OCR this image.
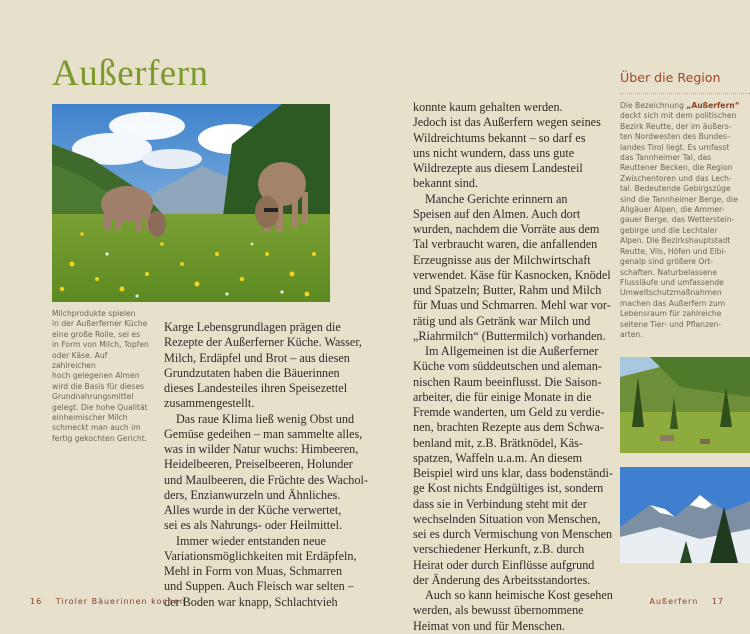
Außerfern
Milchprodukte spielen
in der Außerferner Küche
eine große Rolle, sei es
in Form von Milch, Topfen
oder Käse. Auf zahlreichen
hoch gelegenen Almen
wird die Basis für dieses
Grundnahrungsmittel
gelegt. Die hohe Qualität
einheimischer Milch
schmeckt man auch im
fertig gekochten Gericht.
Karge Lebensgrundlagen prägen die
Rezepte der Außerferner Küche. Wasser,
Milch, Erdäpfel und Brot – aus diesen
Grundzutaten haben die Bäuerinnen
dieses Landesteiles ihren Speisezettel
zusammengestellt.
Das raue Klima ließ wenig Obst und
Gemüse gedeihen – man sammelte alles,
was in wilder Natur wuchs: Himbeeren,
Heidelbeeren, Preiselbeeren, Holunder
und Maulbeeren, die Früchte des Wachol-
ders, Enzianwurzeln und Ähnliches.
Alles wurde in der Küche verwertet,
sei es als Nahrungs- oder Heilmittel.
Immer wieder entstanden neue
Variationsmöglichkeiten mit Erdäpfeln,
Mehl in Form von Muas, Schmarren
und Suppen. Auch Fleisch war selten –
der Boden war knapp, Schlachtvieh
konnte kaum gehalten werden.
Jedoch ist das Außerfern wegen seines
Wildreichtums bekannt – so darf es
uns nicht wundern, dass uns gute
Wildrezepte aus diesem Landesteil
bekannt sind.
Manche Gerichte erinnern an
Speisen auf den Almen. Auch dort
wurden, nachdem die Vorräte aus dem
Tal verbraucht waren, die anfallenden
Erzeugnisse aus der Milchwirtschaft
verwendet. Käse für Kasnocken, Knödel
und Spatzeln; Butter, Rahm und Milch
für Muas und Schmarren. Mehl war vor-
rätig und als Getränk war Milch und
„Riahrmilch“ (Buttermilch) vorhanden.
Im Allgemeinen ist die Außerferner
Küche vom süddeutschen und aleman-
nischen Raum beeinflusst. Die Saison-
arbeiter, die für einige Monate in die
Fremde wanderten, um Geld zu verdie-
nen, brachten Rezepte aus dem Schwa-
benland mit, z.B. Brätknödel, Käs-
spatzen, Waffeln u.a.m. An diesem
Beispiel wird uns klar, dass bodenständi-
ge Kost nichts Endgültiges ist, sondern
dass sie in Verbindung steht mit der
wechselnden Situation von Menschen,
sei es durch Vermischung von Menschen
verschiedener Herkunft, z.B. durch
Heirat oder durch Einflüsse aufgrund
der Änderung des Arbeitsstandortes.
Auch so kann heimische Kost gesehen
werden, als bewusst übernommene
Heimat von und für Menschen.
Über die Region
Die Bezeichnung „Außerfern“
deckt sich mit dem politischen
Bezirk Reutte, der im äußers-
ten Nordwesten des Bundes-
landes Tirol liegt. Es umfasst
das Tannheimer Tal, das
Reuttener Becken, die Region
Zwischentoren und das Lech-
tal. Bedeutende Gebirgszüge
sind die Tannheimer Berge, die
Allgäuer Alpen, die Ammer-
gauer Berge, das Wetterstein-
gebirge und die Lechtaler
Alpen. Die Bezirkshauptstadt
Reutte, Vils, Höfen und Elbi-
genalp sind größere Ort-
schaften. Naturbelassene
Flussläufe und umfassende
Umweltschutzmaßnahmen
machen das Außerfern zum
Lebensraum für zahlreiche
seltene Tier- und Pflanzen-
arten.
16 Tiroler Bäuerinnen kochen	Außerfern 17
